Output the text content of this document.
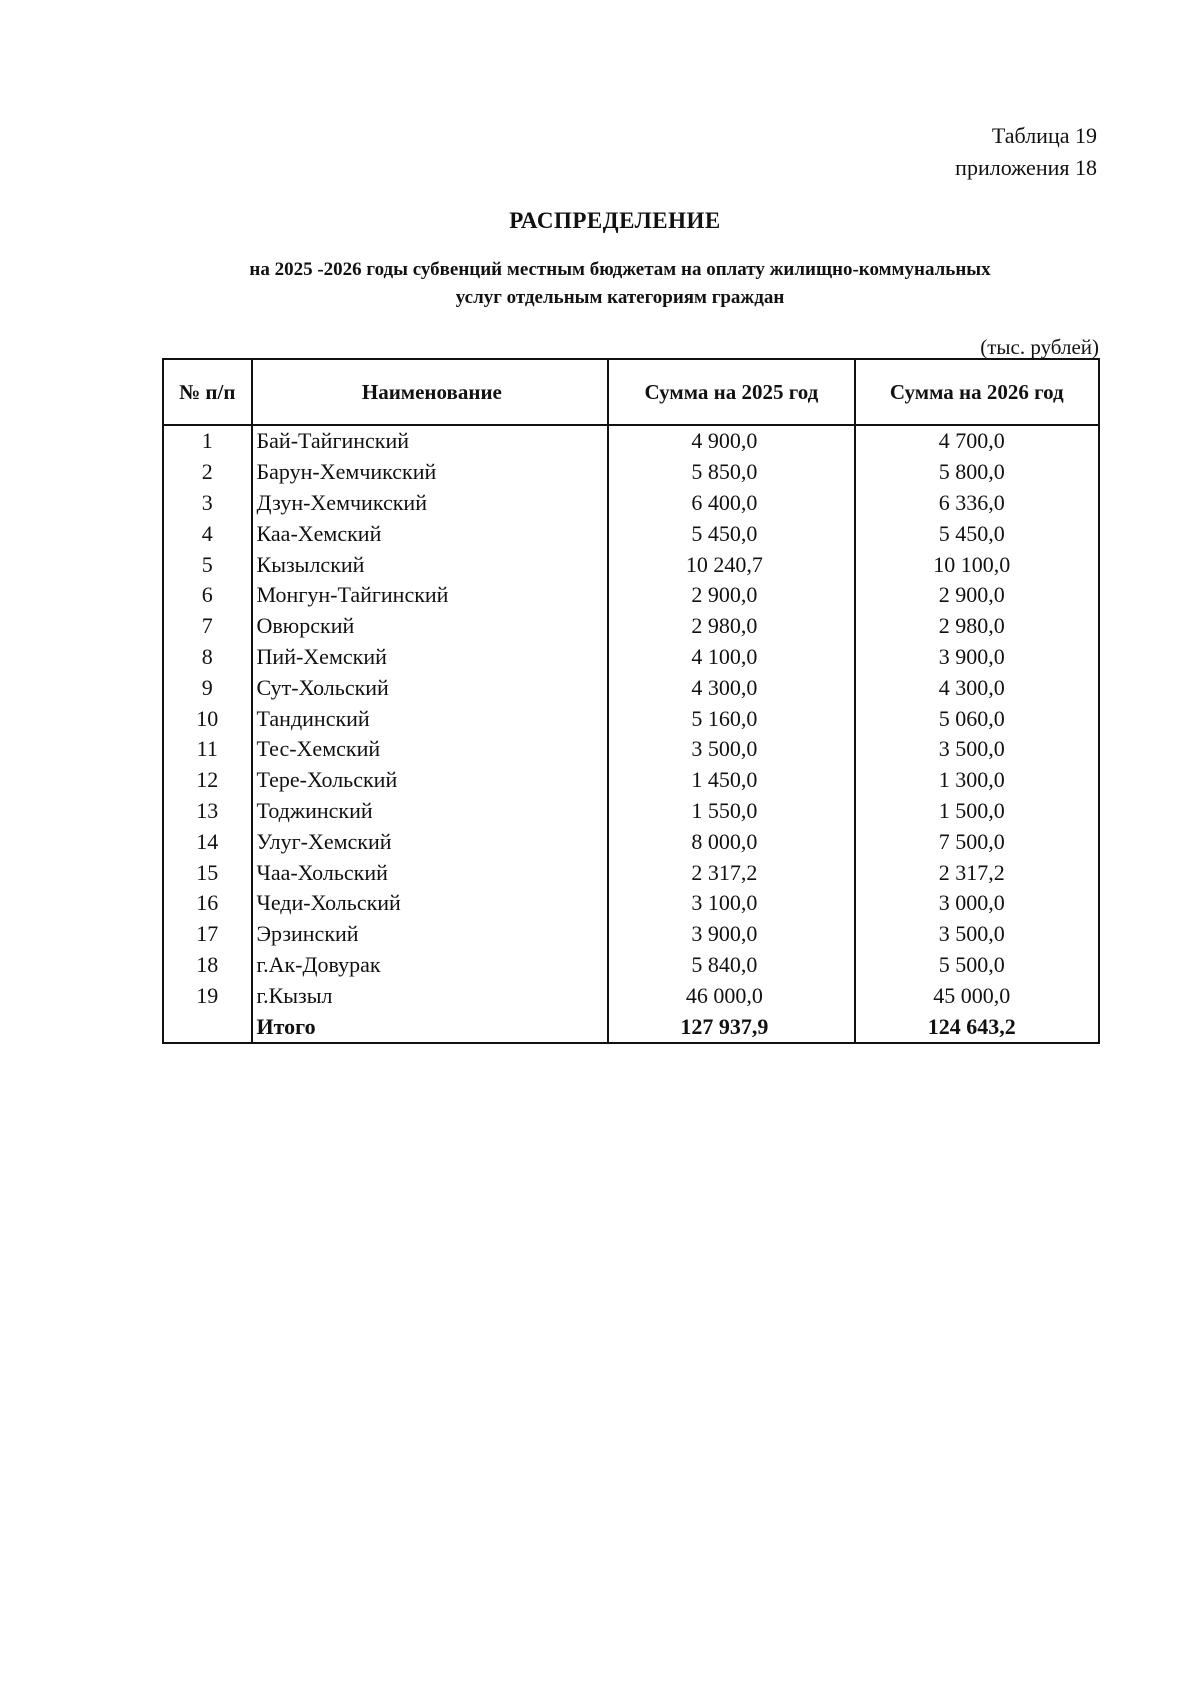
Таблица 19
приложения 18
РАСПРЕДЕЛЕНИЕ
на 2025 -2026 годы субвенций местным бюджетам на оплату жилищно-коммунальных
услуг отдельным категориям граждан
(тыс. рублей)
№ п/п	Наименование	Сумма на 2025 год	Сумма на 2026 год
1	Бай-Тайгинский	4 900,0	4 700,0
2	Барун-Хемчикский	5 850,0	5 800,0
3	Дзун-Хемчикский	6 400,0	6 336,0
4	Каа-Хемский	5 450,0	5 450,0
5	Кызылский	10 240,7	10 100,0
6	Монгун-Тайгинский	2 900,0	2 900,0
7	Овюрский	2 980,0	2 980,0
8	Пий-Хемский	4 100,0	3 900,0
9	Сут-Хольский	4 300,0	4 300,0
10	Тандинский	5 160,0	5 060,0
11	Тес-Хемский	3 500,0	3 500,0
12	Тере-Хольский	1 450,0	1 300,0
13	Тоджинский	1 550,0	1 500,0
14	Улуг-Хемский	8 000,0	7 500,0
15	Чаа-Хольский	2 317,2	2 317,2
16	Чеди-Хольский	3 100,0	3 000,0
17	Эрзинский	3 900,0	3 500,0
18	г.Ак-Довурак	5 840,0	5 500,0
19	г.Кызыл	46 000,0	45 000,0
	Итого	127 937,9	124 643,2
